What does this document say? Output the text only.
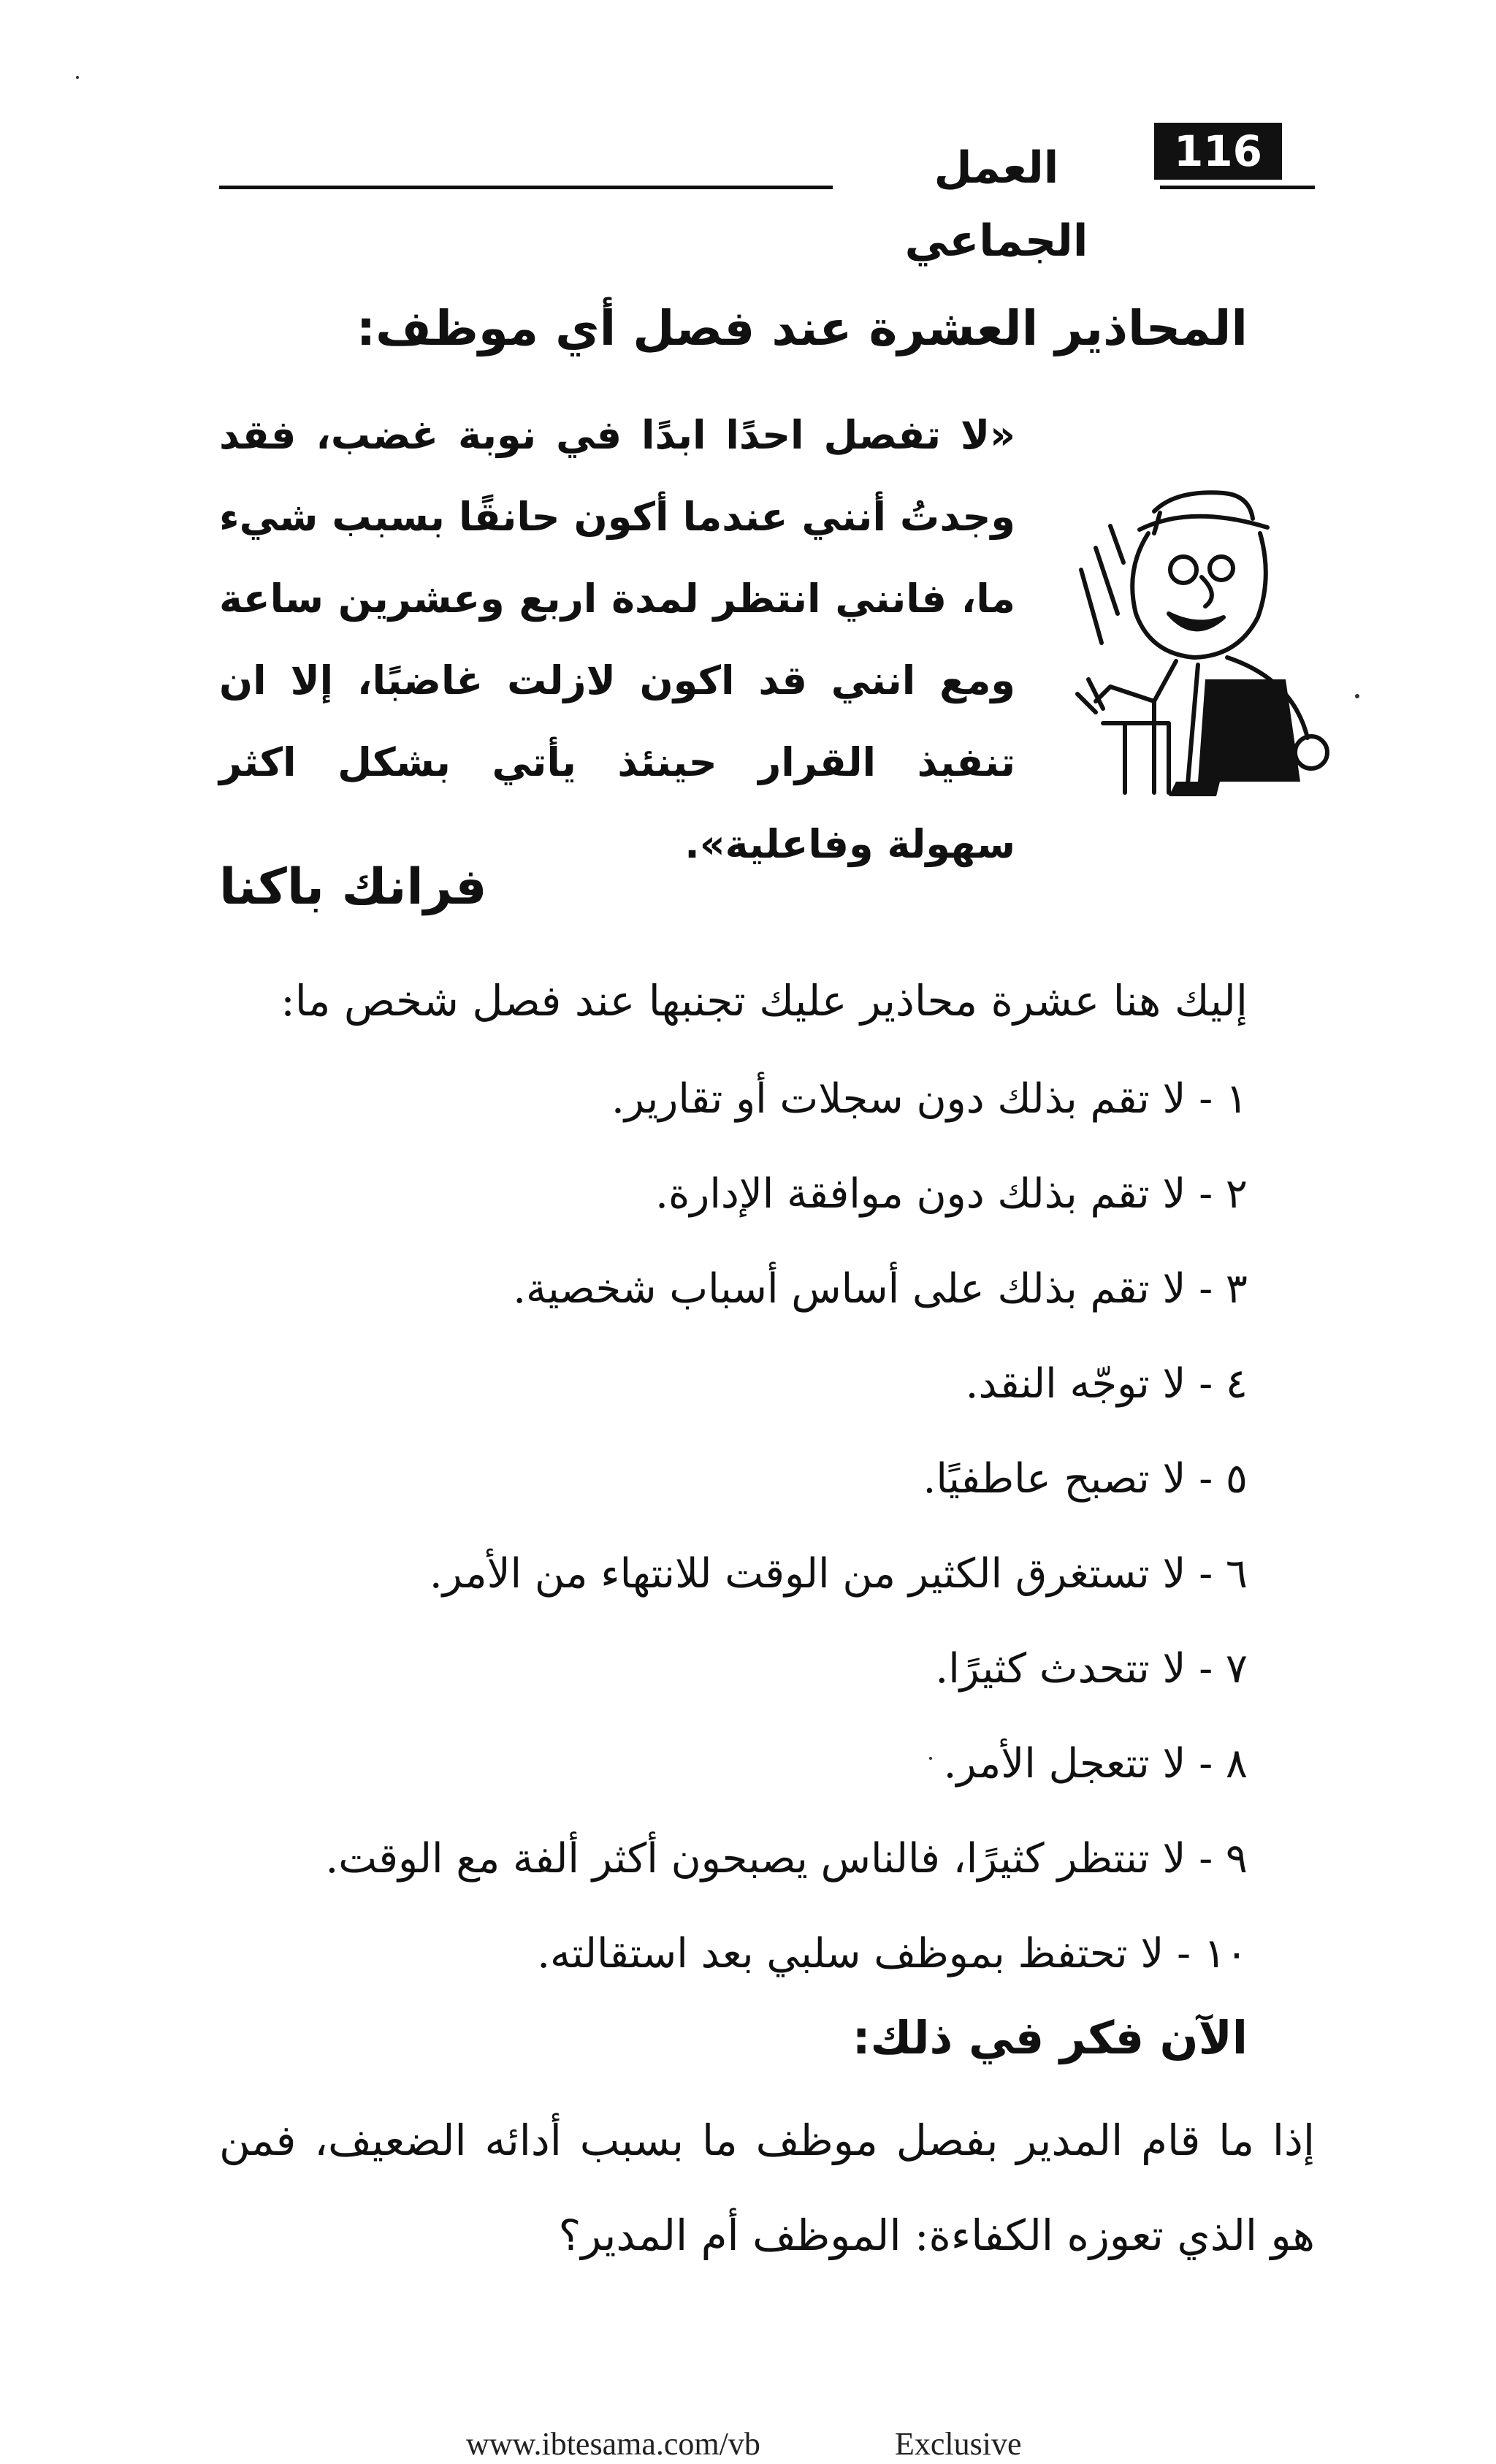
العمل الجماعي
116
المحاذير العشرة عند فصل أي موظف:
«لا تفصل احدًا ابدًا في نوبة غضب، فقد وجدتُ أنني عندما أكون حانقًا بسبب شيء ما، فانني انتظر لمدة اربع وعشرين ساعة ومع انني قد اكون لازلت غاضبًا، إلا ان تنفيذ القرار حينئذ يأتي بشكل اكثر سهولة وفاعلية».
فرانك باكنا
إليك هنا عشرة محاذير عليك تجنبها عند فصل شخص ما:
١ - لا تقم بذلك دون سجلات أو تقارير.
٢ - لا تقم بذلك دون موافقة الإدارة.
٣ - لا تقم بذلك على أساس أسباب شخصية.
٤ - لا توجّه النقد.
٥ - لا تصبح عاطفيًا.
٦ - لا تستغرق الكثير من الوقت للانتهاء من الأمر.
٧ - لا تتحدث كثيرًا.
٨ - لا تتعجل الأمر.
٩ - لا تنتظر كثيرًا، فالناس يصبحون أكثر ألفة مع الوقت.
١٠ - لا تحتفظ بموظف سلبي بعد استقالته.
الآن فكر في ذلك:
إذا ما قام المدير بفصل موظف ما بسبب أدائه الضعيف، فمن هو الذي تعوزه الكفاءة: الموظف أم المدير؟
www.ibtesama.com/vb	Exclusive
